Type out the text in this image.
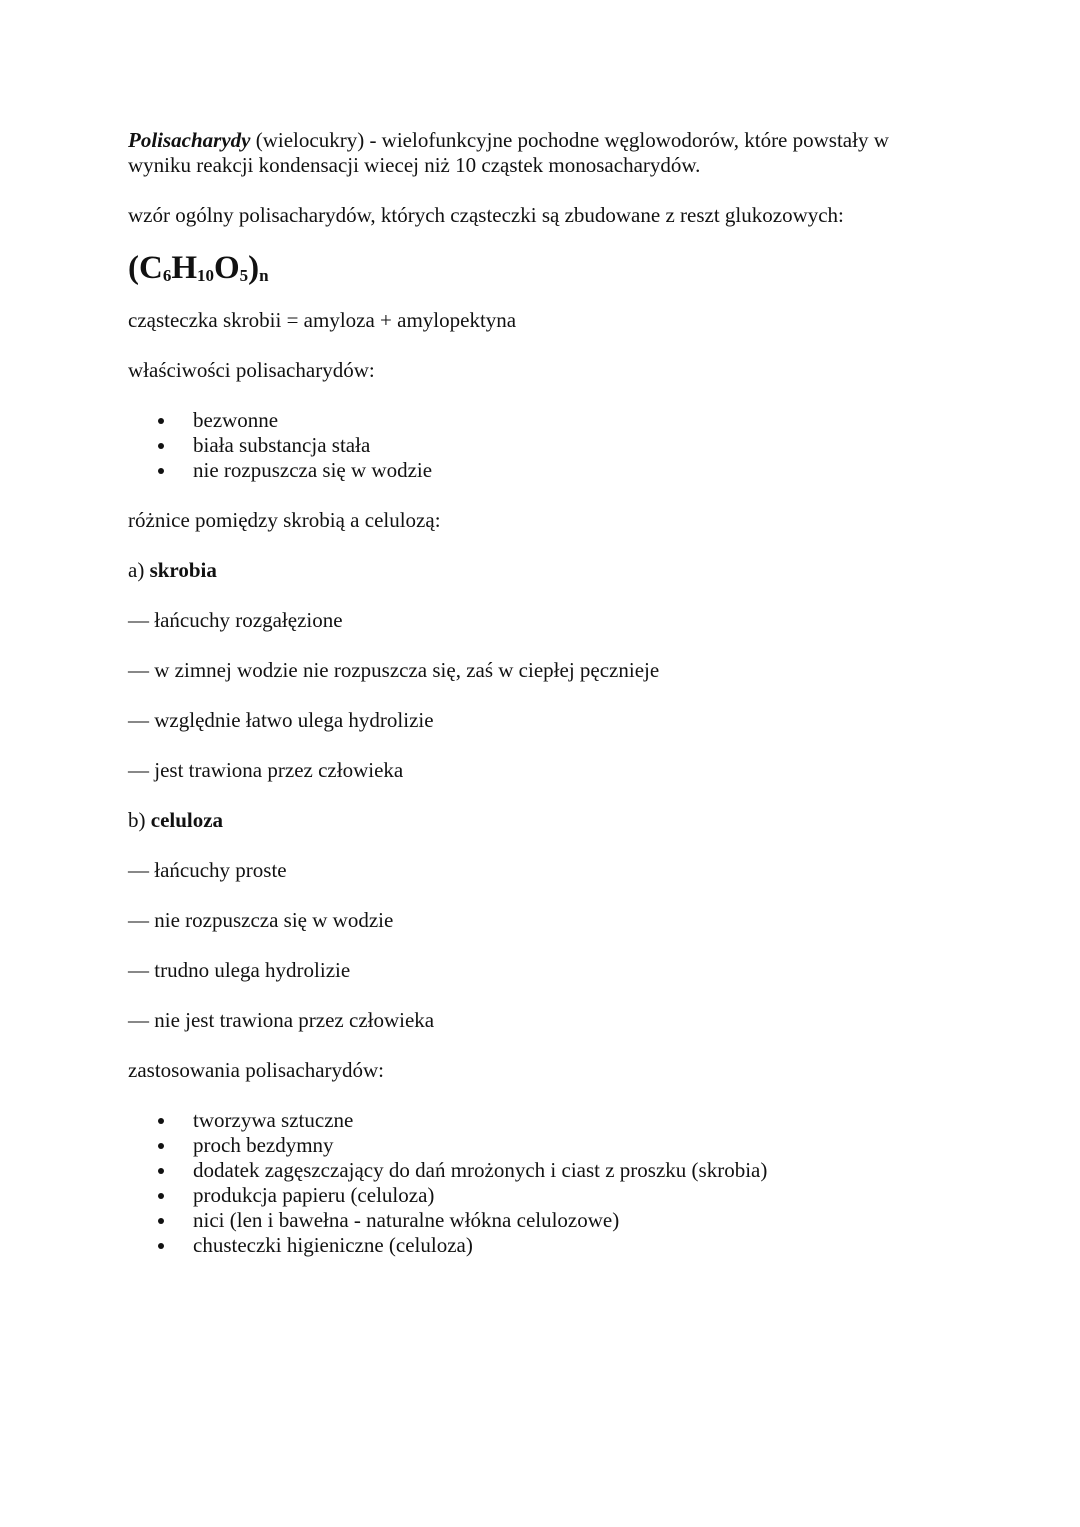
Polisacharydy (wielocukry) - wielofunkcyjne pochodne węglowodorów, które powstały w
wyniku reakcji kondensacji wiecej niż 10 cząstek monosacharydów.

wzór ogólny polisacharydów, których cząsteczki są zbudowane z reszt glukozowych:

$(C_6H_{10}O_5)_n$

cząsteczka skrobii = amyloza + amylopektyna

właściwości polisacharydów:

bezwonne
biała substancja stała
nie rozpuszcza się w wodzie

różnice pomiędzy skrobią a celulozą:

a) skrobia

— łańcuchy rozgałęzione

— w zimnej wodzie nie rozpuszcza się, zaś w ciepłej pęcznieje

— względnie łatwo ulega hydrolizie

— jest trawiona przez człowieka

b) celuloza

— łańcuchy proste

— nie rozpuszcza się w wodzie

— trudno ulega hydrolizie

— nie jest trawiona przez człowieka

zastosowania polisacharydów:

tworzywa sztuczne
proch bezdymny
dodatek zagęszczający do dań mrożonych i ciast z proszku (skrobia)
produkcja papieru (celuloza)
nici (len i bawełna - naturalne włókna celulozowe)
chusteczki higieniczne (celuloza)
